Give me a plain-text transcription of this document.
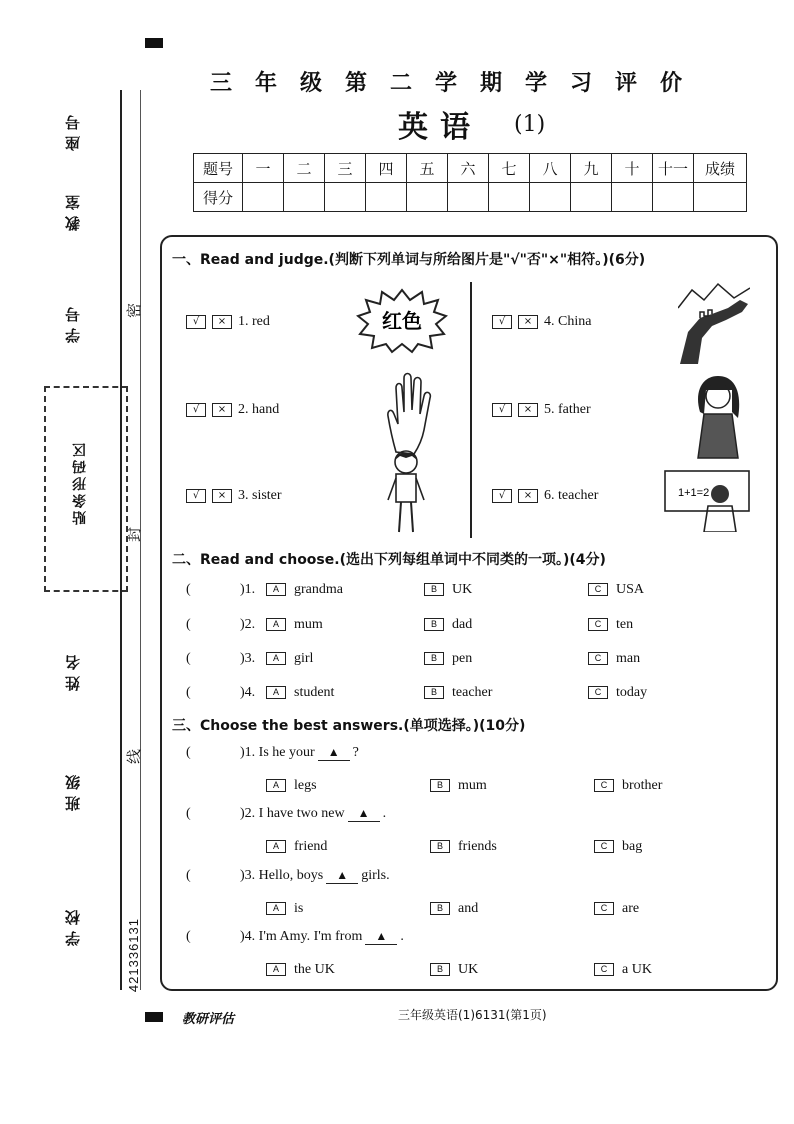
座号
教室
学号
姓名
班级
学校
密
封
线
贴条形码区
421336131
三年级第二学期学习评价
英语 (1)
题号	一	二	三	四	五	六	七	八	九	十	十一	成绩
得分												
一、Read and judge.(判断下列单词与所给图片是"√"否"×"相符。)(6分)
√ × 1. red
√ × 2. hand
√ × 3. sister
√ × 4. China
√ × 5. father
√ × 6. teacher
红色
1+1=2
二、Read and choose.(选出下列每组单词中不同类的一项。)(4分)
(	)1. A grandma	B UK	C USA
(	)2. A mum	B dad	C ten
(	)3. A girl	B pen	C man
(	)4. A student	B teacher	C today
三、Choose the best answers.(单项选择。)(10分)
(	)1. Is he your ▲ ?
A legs	B mum	C brother
(	)2. I have two new ▲ .
A friend	B friends	C bag
(	)3. Hello, boys ▲ girls.
A is	B and	C are
(	)4. I'm Amy. I'm from ▲ .
A the UK	B UK	C a UK
教研评估	三年级英语(1)6131(第1页)
